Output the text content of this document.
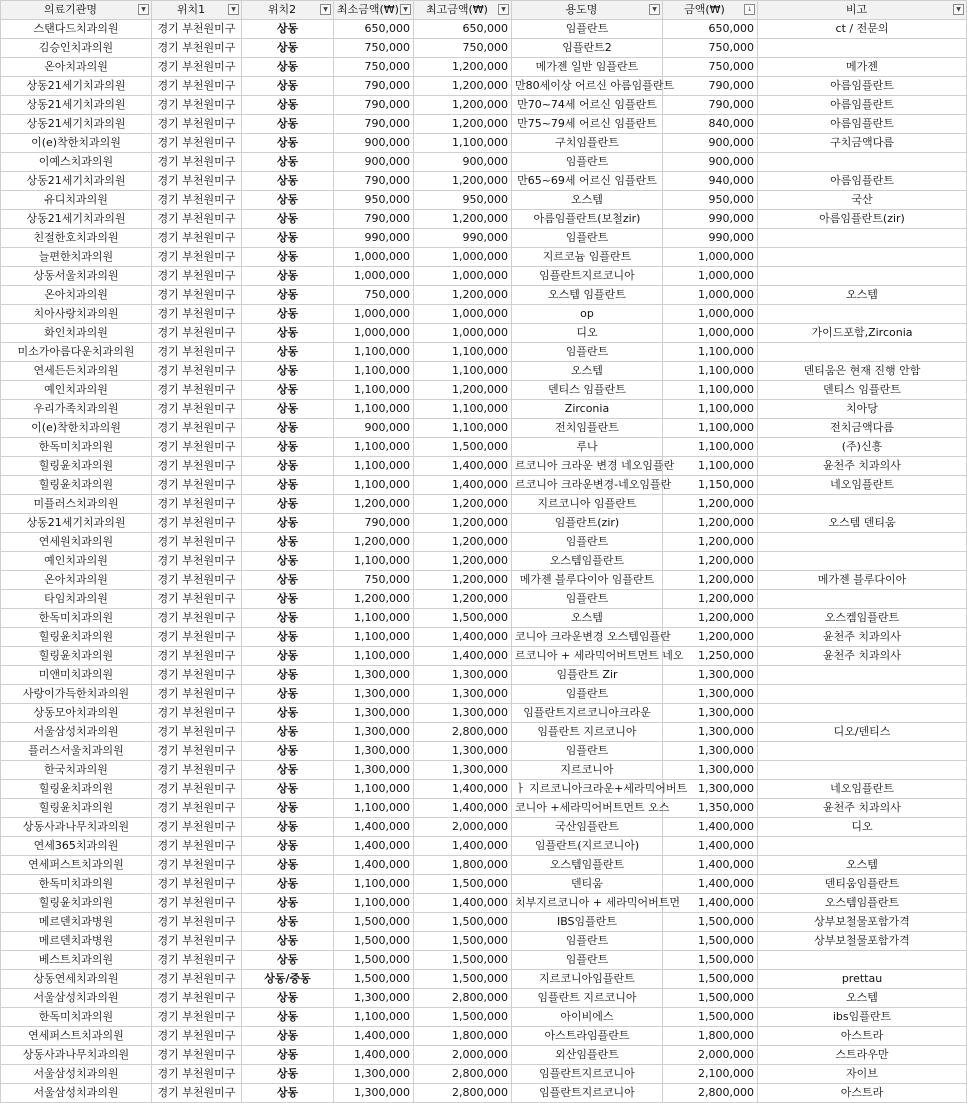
의료기관명 ▼	위치1 ▼	위치2 ▼	최소금액(₩) ▼	최고금액(₩) ▼	용도명 ▼	금액(₩) ↓	비고 ▼

스탠다드치과의원	경기 부천원미구	상동	650,000	650,000	임플란트	650,000	ct / 전문의
김승인치과의원	경기 부천원미구	상동	750,000	750,000	임플란트2	750,000	
온아치과의원	경기 부천원미구	상동	750,000	1,200,000	메가젠 일반 임플란트	750,000	메가젠
상동21세기치과의원	경기 부천원미구	상동	790,000	1,200,000	만80세이상 어르신 아름임플란트	790,000	아름임플란트
상동21세기치과의원	경기 부천원미구	상동	790,000	1,200,000	만70~74세 어르신 임플란트	790,000	아름임플란트
상동21세기치과의원	경기 부천원미구	상동	790,000	1,200,000	만75~79세 어르신 임플란트	840,000	아름임플란트
이(e)착한치과의원	경기 부천원미구	상동	900,000	1,100,000	구치임플란트	900,000	구치금액다름
이예스치과의원	경기 부천원미구	상동	900,000	900,000	임플란트	900,000	
상동21세기치과의원	경기 부천원미구	상동	790,000	1,200,000	만65~69세 어르신 임플란트	940,000	아름임플란트
유디치과의원	경기 부천원미구	상동	950,000	950,000	오스템	950,000	국산
상동21세기치과의원	경기 부천원미구	상동	790,000	1,200,000	아름임플란트(보철zir)	990,000	아름임플란트(zir)
친절한호치과의원	경기 부천원미구	상동	990,000	990,000	임플란트	990,000	
늘편한치과의원	경기 부천원미구	상동	1,000,000	1,000,000	지르코늄 임플란트	1,000,000	
상동서울치과의원	경기 부천원미구	상동	1,000,000	1,000,000	임플란트지르코니아	1,000,000	
온아치과의원	경기 부천원미구	상동	750,000	1,200,000	오스템 임플란트	1,000,000	오스템
치아사랑치과의원	경기 부천원미구	상동	1,000,000	1,000,000	op	1,000,000	
화인치과의원	경기 부천원미구	상동	1,000,000	1,000,000	디오	1,000,000	가이드포함,Zirconia
미소가아름다운치과의원	경기 부천원미구	상동	1,100,000	1,100,000	임플란트	1,100,000	
연세든든치과의원	경기 부천원미구	상동	1,100,000	1,100,000	오스템	1,100,000	덴티움은 현재 진행 안함
예인치과의원	경기 부천원미구	상동	1,100,000	1,200,000	덴티스 임플란트	1,100,000	덴티스 임플란트
우리가족치과의원	경기 부천원미구	상동	1,100,000	1,100,000	Zirconia	1,100,000	치아당
이(e)착한치과의원	경기 부천원미구	상동	900,000	1,100,000	전치임플란트	1,100,000	전치금액다름
한독미치과의원	경기 부천원미구	상동	1,100,000	1,500,000	루나	1,100,000	(주)신흥
힐링윤치과의원	경기 부천원미구	상동	1,100,000	1,400,000	르코니아 크라운 변경 네오임플란	1,100,000	윤천주 치과의사
힐링윤치과의원	경기 부천원미구	상동	1,100,000	1,400,000	르코니아 크라운변경-네오임플란	1,150,000	네오임플란트
미플러스치과의원	경기 부천원미구	상동	1,200,000	1,200,000	지르코니아 임플란트	1,200,000	
상동21세기치과의원	경기 부천원미구	상동	790,000	1,200,000	임플란트(zir)	1,200,000	오스템 덴티움
연세원치과의원	경기 부천원미구	상동	1,200,000	1,200,000	임플란트	1,200,000	
예인치과의원	경기 부천원미구	상동	1,100,000	1,200,000	오스템임플란트	1,200,000	
온아치과의원	경기 부천원미구	상동	750,000	1,200,000	메가젠 블루다이아 임플란트	1,200,000	메가젠 블루다이아
타임치과의원	경기 부천원미구	상동	1,200,000	1,200,000	임플란트	1,200,000	
한독미치과의원	경기 부천원미구	상동	1,100,000	1,500,000	오스템	1,200,000	오스켐임플란트
힐링윤치과의원	경기 부천원미구	상동	1,100,000	1,400,000	코니아 크라운변경 오스템임플란	1,200,000	윤천주 치과의사
힐링윤치과의원	경기 부천원미구	상동	1,100,000	1,400,000	르코니아 + 세라믹어버트먼트 네오	1,250,000	윤천주 치과의사
미앤미치과의원	경기 부천원미구	상동	1,300,000	1,300,000	임플란트 Zir	1,300,000	
사랑이가득한치과의원	경기 부천원미구	상동	1,300,000	1,300,000	임플란트	1,300,000	
상동모아치과의원	경기 부천원미구	상동	1,300,000	1,300,000	임플란트지르코니아크라운	1,300,000	
서울삼성치과의원	경기 부천원미구	상동	1,300,000	2,800,000	임플란트 지르코니아	1,300,000	디오/덴티스
플러스서울치과의원	경기 부천원미구	상동	1,300,000	1,300,000	임플란트	1,300,000	
한국치과의원	경기 부천원미구	상동	1,300,000	1,300,000	지르코니아	1,300,000	
힐링윤치과의원	경기 부천원미구	상동	1,100,000	1,400,000	ㅏ 지르코니아크라운+세라믹어버트	1,300,000	네오임플란트
힐링윤치과의원	경기 부천원미구	상동	1,100,000	1,400,000	코니아 +세라믹어버트먼트 오스	1,350,000	윤천주 치과의사
상동사과나무치과의원	경기 부천원미구	상동	1,400,000	2,000,000	국산임플란트	1,400,000	디오
연세365치과의원	경기 부천원미구	상동	1,400,000	1,400,000	임플란트(지르코니아)	1,400,000	
연세퍼스트치과의원	경기 부천원미구	상동	1,400,000	1,800,000	오스템임플란트	1,400,000	오스템
한독미치과의원	경기 부천원미구	상동	1,100,000	1,500,000	덴티움	1,400,000	덴티움임플란트
힐링윤치과의원	경기 부천원미구	상동	1,100,000	1,400,000	치부지르코니아 + 세라믹어버트먼	1,400,000	오스템임플란트
메르덴치과병원	경기 부천원미구	상동	1,500,000	1,500,000	IBS임플란트	1,500,000	상부보철물포함가격
메르덴치과병원	경기 부천원미구	상동	1,500,000	1,500,000	임플란트	1,500,000	상부보철물포함가격
베스트치과의원	경기 부천원미구	상동	1,500,000	1,500,000	임플란트	1,500,000	
상동연세치과의원	경기 부천원미구	상동/중동	1,500,000	1,500,000	지르코니아임플란트	1,500,000	prettau
서울삼성치과의원	경기 부천원미구	상동	1,300,000	2,800,000	임플란트 지르코니아	1,500,000	오스템
한독미치과의원	경기 부천원미구	상동	1,100,000	1,500,000	아이비에스	1,500,000	ibs임플란트
연세퍼스트치과의원	경기 부천원미구	상동	1,400,000	1,800,000	아스트라임플란트	1,800,000	아스트라
상동사과나무치과의원	경기 부천원미구	상동	1,400,000	2,000,000	외산임플란트	2,000,000	스트라우만
서울삼성치과의원	경기 부천원미구	상동	1,300,000	2,800,000	임플란트지르코니아	2,100,000	자이브
서울삼성치과의원	경기 부천원미구	상동	1,300,000	2,800,000	임플란트지르코니아	2,800,000	아스트라
